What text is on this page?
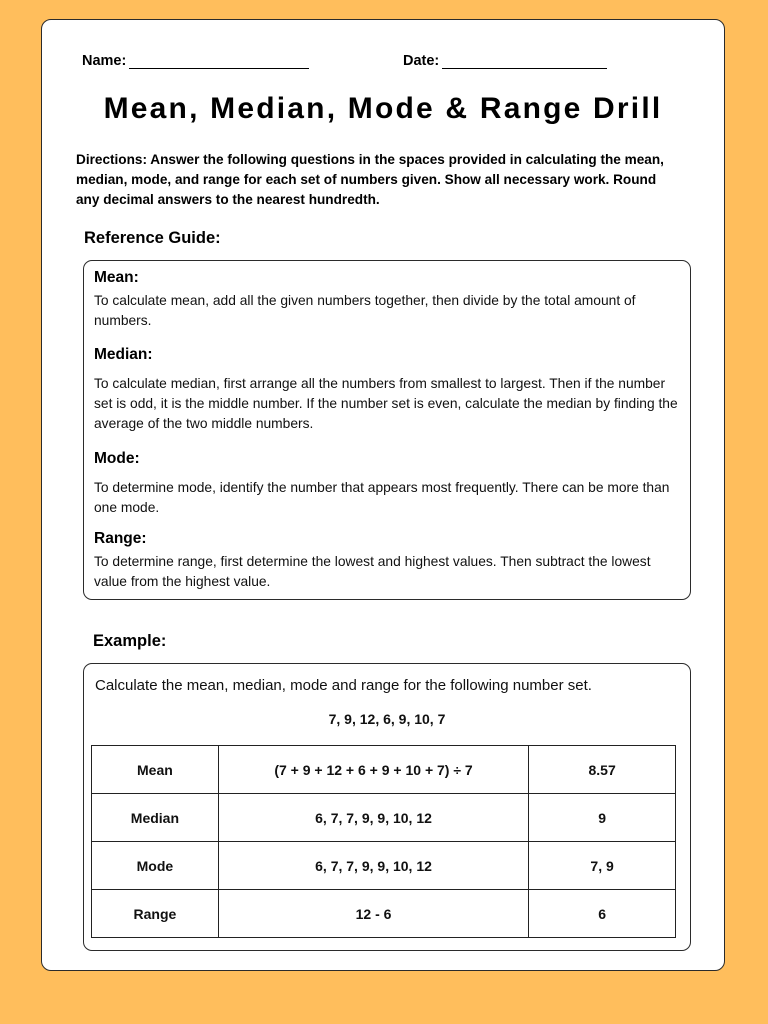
Name:	Date:
Mean, Median, Mode & Range Drill
Directions: Answer the following questions in the spaces provided in calculating the mean, median, mode, and range for each set of numbers given. Show all necessary work. Round any decimal answers to the nearest hundredth.
Reference Guide:
Mean:
To calculate mean, add all the given numbers together, then divide by the total amount of numbers.
Median:
To calculate median, first arrange all the numbers from smallest to largest. Then if the number set is odd, it is the middle number. If the number set is even, calculate the median by finding the average of the two middle numbers.
Mode:
To determine mode, identify the number that appears most frequently. There can be more than one mode.
Range:
To determine range, first determine the lowest and highest values. Then subtract the lowest value from the highest value.
Example:
Calculate the mean, median, mode and range for the following number set.
7, 9, 12, 6, 9, 10, 7
Mean	(7 + 9 + 12 + 6 + 9 + 10 + 7) ÷ 7	8.57
Median	6, 7, 7, 9, 9, 10, 12	9
Mode	6, 7, 7, 9, 9, 10, 12	7, 9
Range	12 - 6	6
